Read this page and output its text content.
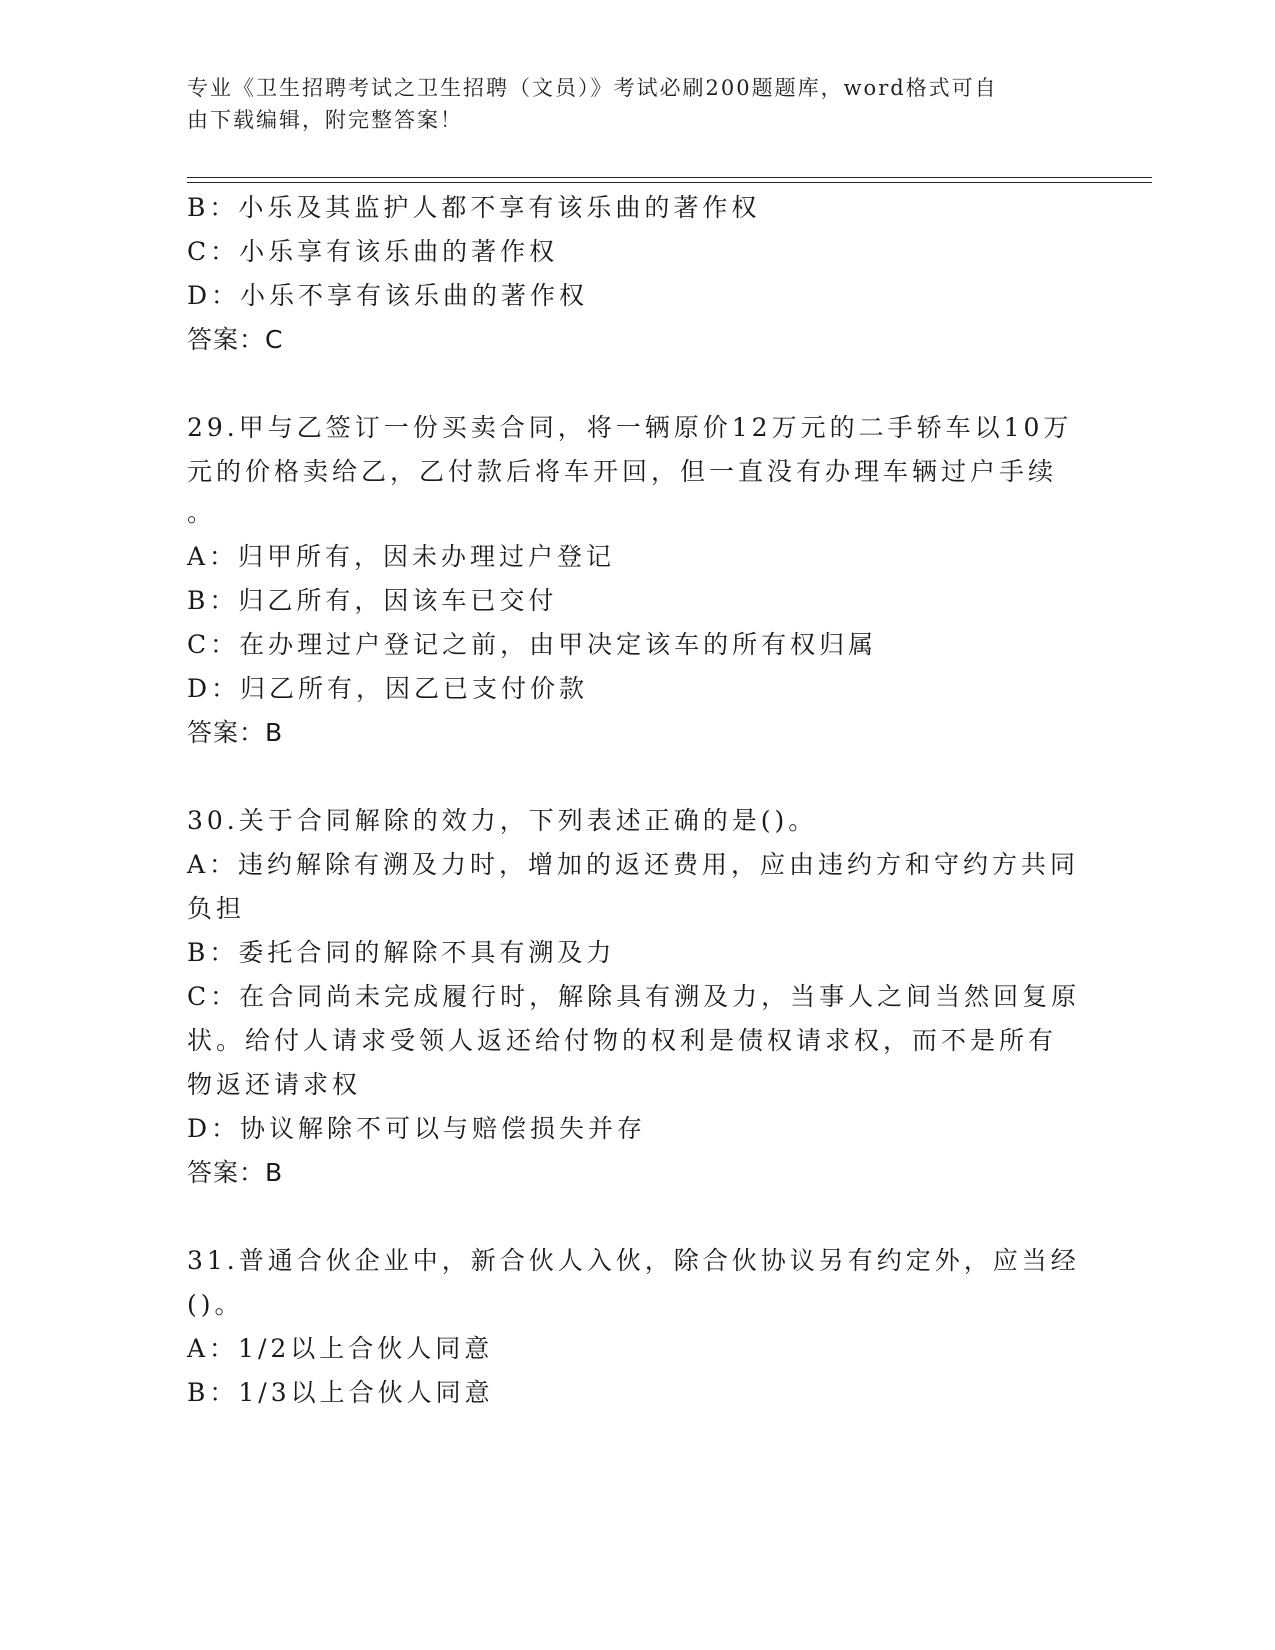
专业《卫生招聘考试之卫生招聘（文员）》考试必刷200题题库，word格式可自
由下载编辑，附完整答案！
B：小乐及其监护人都不享有该乐曲的著作权
C：小乐享有该乐曲的著作权
D：小乐不享有该乐曲的著作权
答案：C
29.甲与乙签订一份买卖合同，将一辆原价12万元的二手轿车以10万
元的价格卖给乙，乙付款后将车开回，但一直没有办理车辆过户手续
。
A：归甲所有，因未办理过户登记
B：归乙所有，因该车已交付
C：在办理过户登记之前，由甲决定该车的所有权归属
D：归乙所有，因乙已支付价款
答案：B
30.关于合同解除的效力，下列表述正确的是()。
A：违约解除有溯及力时，增加的返还费用，应由违约方和守约方共同
负担
B：委托合同的解除不具有溯及力
C：在合同尚未完成履行时，解除具有溯及力，当事人之间当然回复原
状。给付人请求受领人返还给付物的权利是债权请求权，而不是所有
物返还请求权
D：协议解除不可以与赔偿损失并存
答案：B
31.普通合伙企业中，新合伙人入伙，除合伙协议另有约定外，应当经
()。
A：1/2以上合伙人同意
B：1/3以上合伙人同意
